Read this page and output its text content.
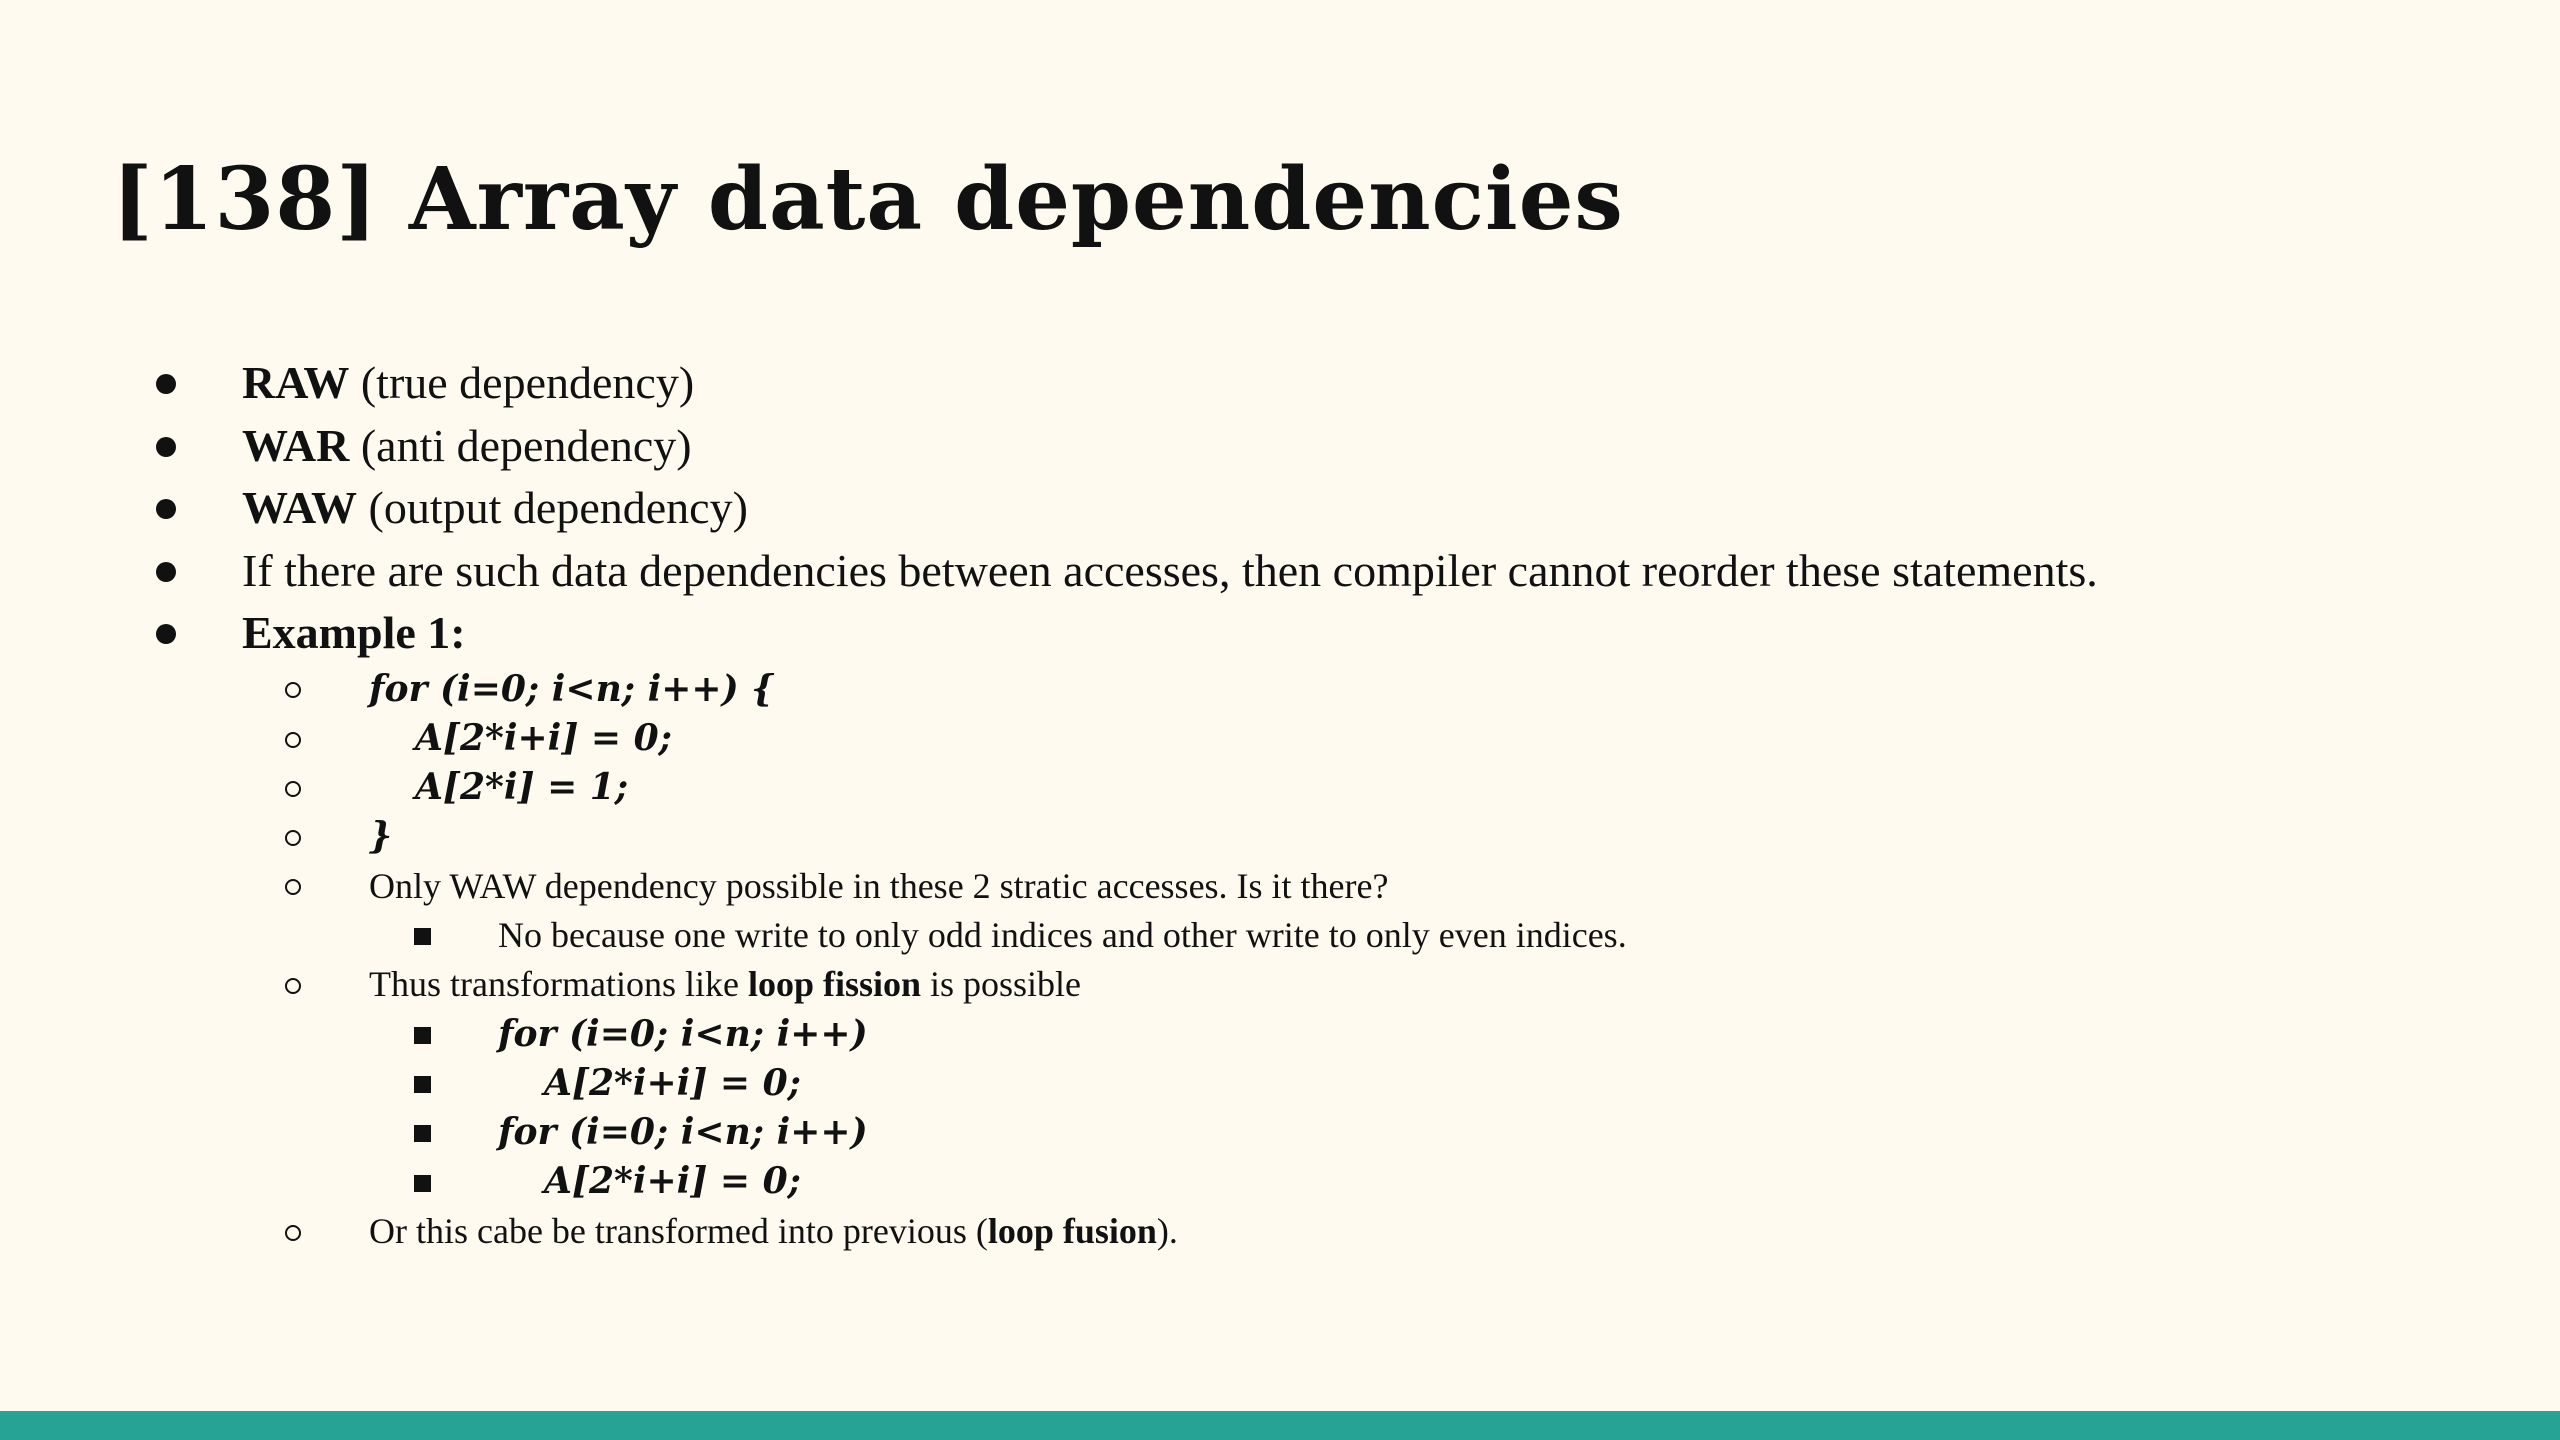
[138] Array data dependencies
RAW (true dependency)
WAR (anti dependency)
WAW (output dependency)
If there are such data dependencies between accesses, then compiler cannot reorder these statements.
Example 1:
for (i=0; i<n; i++) {
A[2*i+i] = 0;
A[2*i] = 1;
}
Only WAW dependency possible in these 2 stratic accesses. Is it there?
No because one write to only odd indices and other write to only even indices.
Thus transformations like loop fission is possible
for (i=0; i<n; i++)
A[2*i+i] = 0;
for (i=0; i<n; i++)
A[2*i+i] = 0;
Or this cabe be transformed into previous (loop fusion).
